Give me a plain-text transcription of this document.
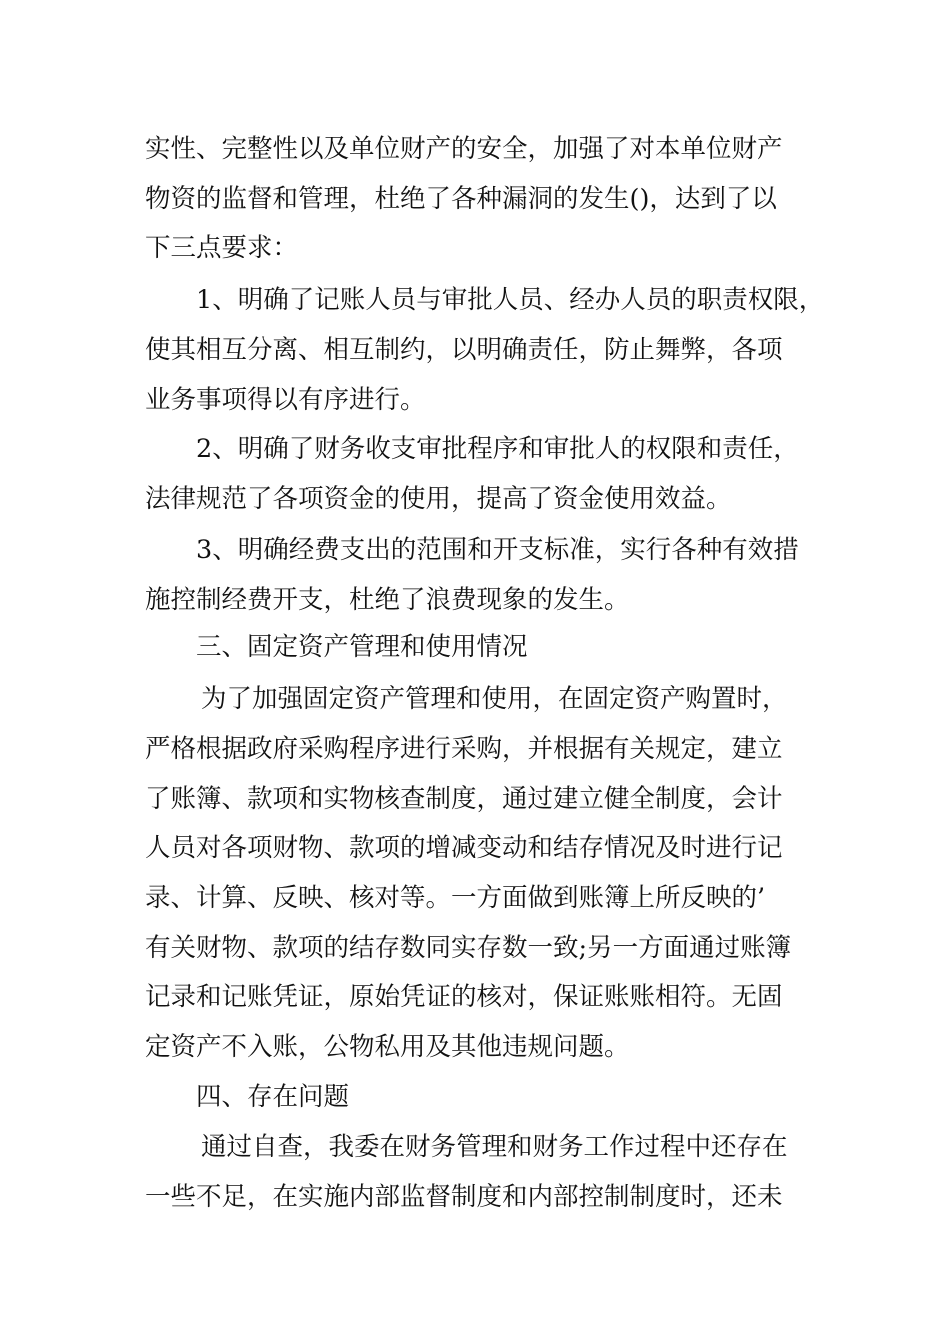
实性、完整性以及单位财产的安全，加强了对本单位财产
物资的监督和管理，杜绝了各种漏洞的发生()，达到了以
下三点要求：
1、明确了记账人员与审批人员、经办人员的职责权限，
使其相互分离、相互制约，以明确责任，防止舞弊，各项
业务事项得以有序进行。
2、明确了财务收支审批程序和审批人的权限和责任，
法律规范了各项资金的使用，提高了资金使用效益。
3、明确经费支出的范围和开支标准，实行各种有效措
施控制经费开支，杜绝了浪费现象的发生。
三、固定资产管理和使用情况
为了加强固定资产管理和使用，在固定资产购置时，
严格根据政府采购程序进行采购，并根据有关规定，建立
了账簿、款项和实物核查制度，通过建立健全制度，会计
人员对各项财物、款项的增减变动和结存情况及时进行记
录、计算、反映、核对等。一方面做到账簿上所反映的’
有关财物、款项的结存数同实存数一致;另一方面通过账簿
记录和记账凭证，原始凭证的核对，保证账账相符。无固
定资产不入账，公物私用及其他违规问题。
四、存在问题
通过自查，我委在财务管理和财务工作过程中还存在
一些不足，在实施内部监督制度和内部控制制度时，还未
